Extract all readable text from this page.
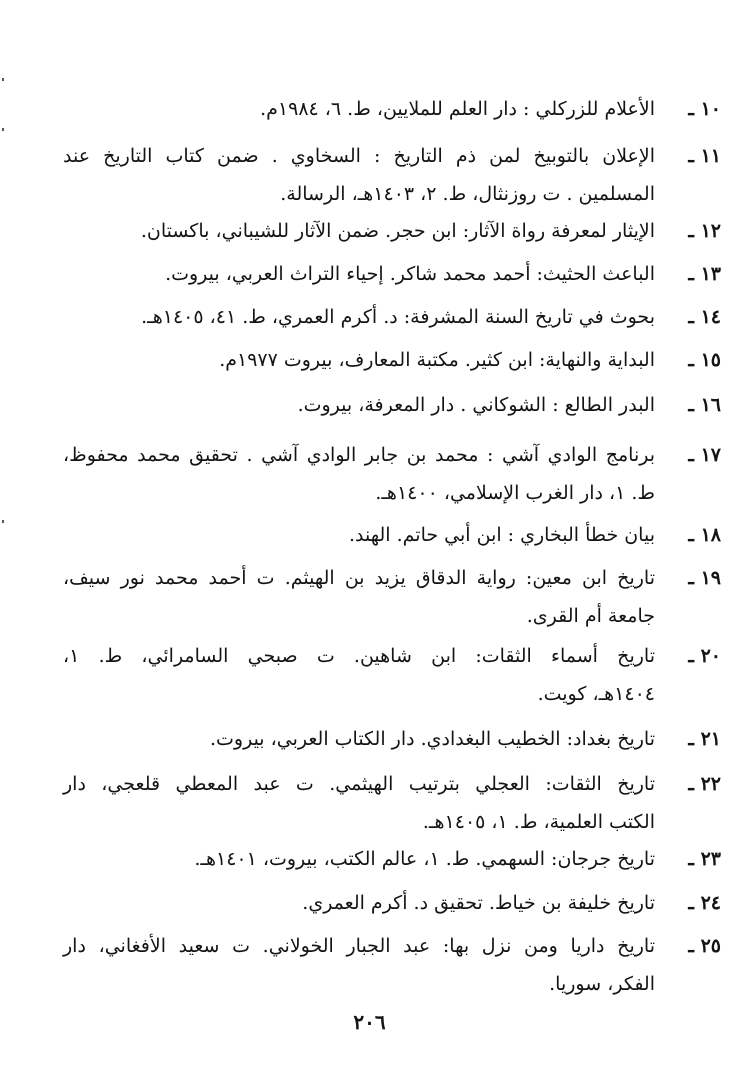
١٠ ـ
الأعلام للزركلي : دار العلم للملايين، ط. ٦، ١٩٨٤م.
١١ ـ
الإعلان بالتوبيخ لمن ذم التاريخ : السخاوي . ضمن كتاب التاريخ عند
المسلمين . ت روزنثال، ط. ٢، ١٤٠٣هـ، الرسالة.
١٢ ـ
الإيثار لمعرفة رواة الآثار: ابن حجر. ضمن الآثار للشيباني، باكستان.
١٣ ـ
الباعث الحثيث: أحمد محمد شاكر. إحياء التراث العربي، بيروت.
١٤ ـ
بحوث في تاريخ السنة المشرفة: د. أكرم العمري، ط. ٤١، ١٤٠٥هـ.
١٥ ـ
البداية والنهاية: ابن كثير. مكتبة المعارف، بيروت ١٩٧٧م.
١٦ ـ
البدر الطالع : الشوكاني . دار المعرفة، بيروت.
١٧ ـ
برنامج الوادي آشي : محمد بن جابر الوادي آشي . تحقيق محمد محفوظ،
ط. ١، دار الغرب الإسلامي، ١٤٠٠هـ.
١٨ ـ
بيان خطأ البخاري : ابن أبي حاتم. الهند.
١٩ ـ
تاريخ ابن معين: رواية الدقاق يزيد بن الهيثم. ت أحمد محمد نور سيف،
جامعة أم القرى.
٢٠ ـ
تاريخ أسماء الثقات: ابن شاهين. ت صبحي السامرائي، ط. ١،
١٤٠٤هـ، كويت.
٢١ ـ
تاريخ بغداد: الخطيب البغدادي. دار الكتاب العربي، بيروت.
٢٢ ـ
تاريخ الثقات: العجلي بترتيب الهيثمي. ت عبد المعطي قلعجي، دار
الكتب العلمية، ط. ١، ١٤٠٥هـ.
٢٣ ـ
تاريخ جرجان: السهمي. ط. ١، عالم الكتب، بيروت، ١٤٠١هـ.
٢٤ ـ
تاريخ خليفة بن خياط. تحقيق د. أكرم العمري.
٢٥ ـ
تاريخ داريا ومن نزل بها: عبد الجبار الخولاني. ت سعيد الأفغاني، دار
الفكر، سوريا.
٢٠٦
